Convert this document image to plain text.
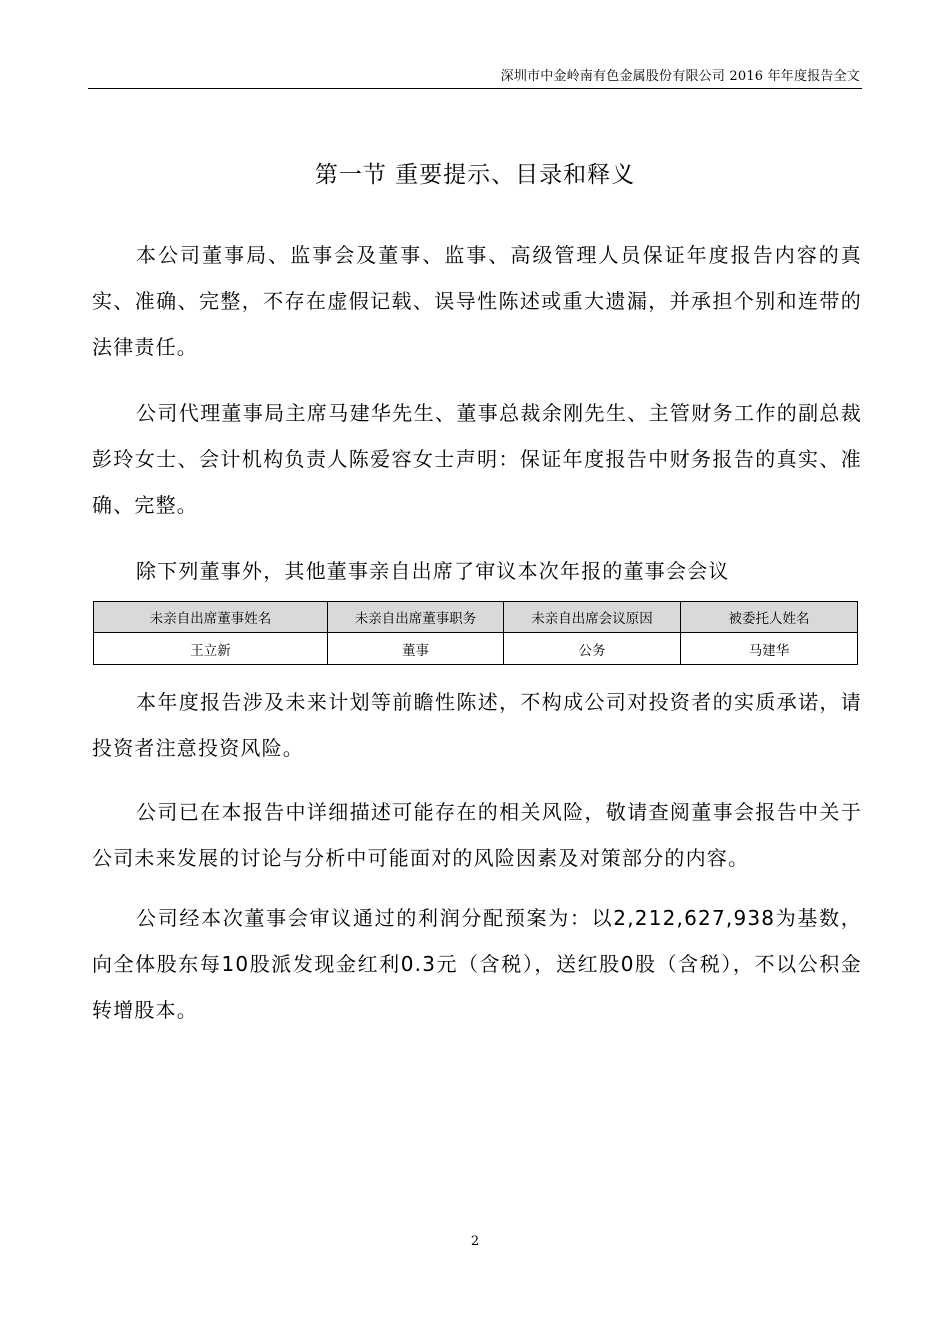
深圳市中金岭南有色金属股份有限公司 2016 年年度报告全文
第一节 重要提示、目录和释义

本公司董事局、监事会及董事、监事、高级管理人员保证年度报告内容的真实、准确、完整，不存在虚假记载、误导性陈述或重大遗漏，并承担个别和连带的法律责任。

公司代理董事局主席马建华先生、董事总裁余刚先生、主管财务工作的副总裁彭玲女士、会计机构负责人陈爱容女士声明：保证年度报告中财务报告的真实、准确、完整。

除下列董事外，其他董事亲自出席了审议本次年报的董事会会议

未亲自出席董事姓名	未亲自出席董事职务	未亲自出席会议原因	被委托人姓名
王立新	董事	公务	马建华

本年度报告涉及未来计划等前瞻性陈述，不构成公司对投资者的实质承诺，请投资者注意投资风险。

公司已在本报告中详细描述可能存在的相关风险，敬请查阅董事会报告中关于公司未来发展的讨论与分析中可能面对的风险因素及对策部分的内容。

公司经本次董事会审议通过的利润分配预案为：以2,212,627,938为基数，向全体股东每10股派发现金红利0.3元（含税），送红股0股（含税），不以公积金转增股本。

2
